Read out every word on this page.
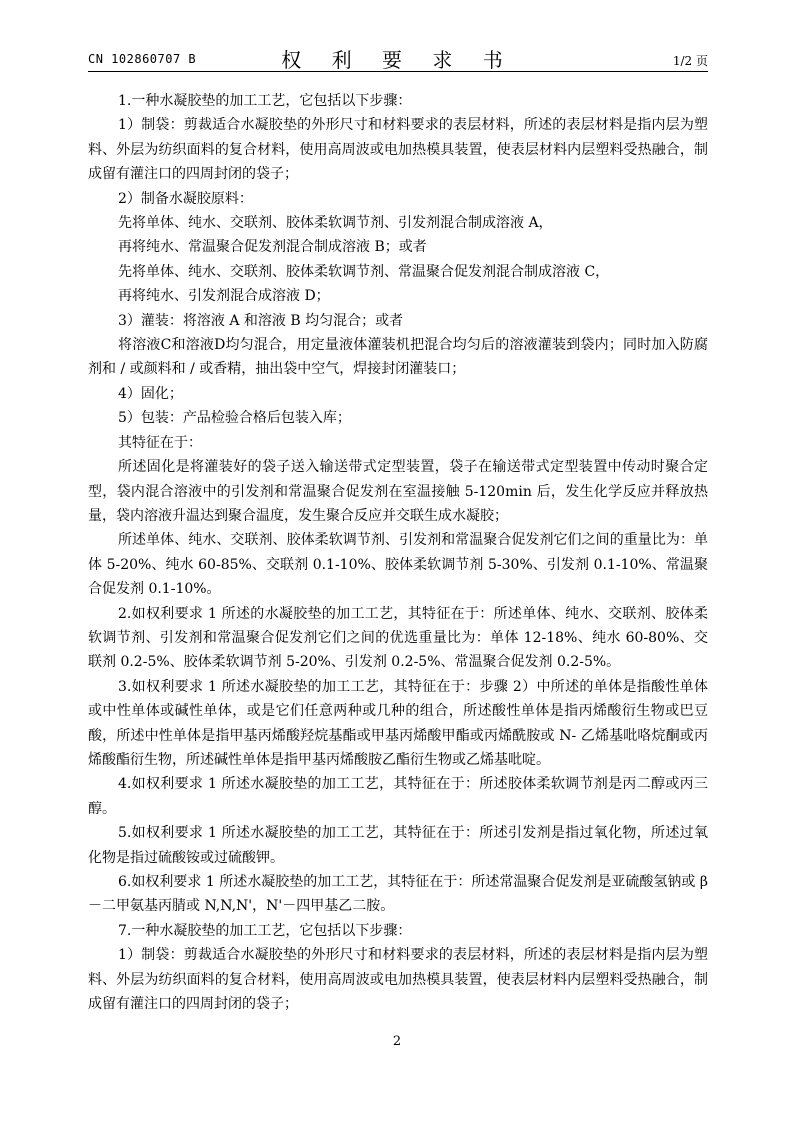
CN 102860707 B	权 利 要 求 书	1/2 页

1.一种水凝胶垫的加工工艺，它包括以下步骤：

1）制袋：剪裁适合水凝胶垫的外形尺寸和材料要求的表层材料，所述的表层材料是指内层为塑料、外层为纺织面料的复合材料，使用高周波或电加热模具装置，使表层材料内层塑料受热融合，制成留有灌注口的四周封闭的袋子；

2）制备水凝胶原料：

先将单体、纯水、交联剂、胶体柔软调节剂、引发剂混合制成溶液 A，

再将纯水、常温聚合促发剂混合制成溶液 B；或者

先将单体、纯水、交联剂、胶体柔软调节剂、常温聚合促发剂混合制成溶液 C，

再将纯水、引发剂混合成溶液 D；

3）灌装：将溶液 A 和溶液 B 均匀混合；或者

将溶液C和溶液D均匀混合，用定量液体灌装机把混合均匀后的溶液灌装到袋内；同时加入防腐剂和 / 或颜料和 / 或香精，抽出袋中空气，焊接封闭灌装口；

4）固化；

5）包装：产品检验合格后包装入库；

其特征在于：

所述固化是将灌装好的袋子送入输送带式定型装置，袋子在输送带式定型装置中传动时聚合定型，袋内混合溶液中的引发剂和常温聚合促发剂在室温接触 5-120min 后，发生化学反应并释放热量，袋内溶液升温达到聚合温度，发生聚合反应并交联生成水凝胶；

所述单体、纯水、交联剂、胶体柔软调节剂、引发剂和常温聚合促发剂它们之间的重量比为：单体 5-20%、纯水 60-85%、交联剂 0.1-10%、胶体柔软调节剂 5-30%、引发剂 0.1-10%、常温聚合促发剂 0.1-10%。

2.如权利要求 1 所述的水凝胶垫的加工工艺，其特征在于：所述单体、纯水、交联剂、胶体柔软调节剂、引发剂和常温聚合促发剂它们之间的优选重量比为：单体 12-18%、纯水 60-80%、交联剂 0.2-5%、胶体柔软调节剂 5-20%、引发剂 0.2-5%、常温聚合促发剂 0.2-5%。

3.如权利要求 1 所述水凝胶垫的加工工艺，其特征在于：步骤 2）中所述的单体是指酸性单体或中性单体或碱性单体，或是它们任意两种或几种的组合，所述酸性单体是指丙烯酸衍生物或巴豆酸，所述中性单体是指甲基丙烯酸羟烷基酯或甲基丙烯酸甲酯或丙烯酰胺或 N- 乙烯基吡咯烷酮或丙烯酸酯衍生物，所述碱性单体是指甲基丙烯酸胺乙酯衍生物或乙烯基吡啶。

4.如权利要求 1 所述水凝胶垫的加工工艺，其特征在于：所述胶体柔软调节剂是丙二醇或丙三醇。

5.如权利要求 1 所述水凝胶垫的加工工艺，其特征在于：所述引发剂是指过氧化物，所述过氧化物是指过硫酸铵或过硫酸钾。

6.如权利要求 1 所述水凝胶垫的加工工艺，其特征在于：所述常温聚合促发剂是亚硫酸氢钠或 β－二甲氨基丙腈或 N,N,N'，N'－四甲基乙二胺。

7.一种水凝胶垫的加工工艺，它包括以下步骤：

1）制袋：剪裁适合水凝胶垫的外形尺寸和材料要求的表层材料，所述的表层材料是指内层为塑料、外层为纺织面料的复合材料，使用高周波或电加热模具装置，使表层材料内层塑料受热融合，制成留有灌注口的四周封闭的袋子；

2
